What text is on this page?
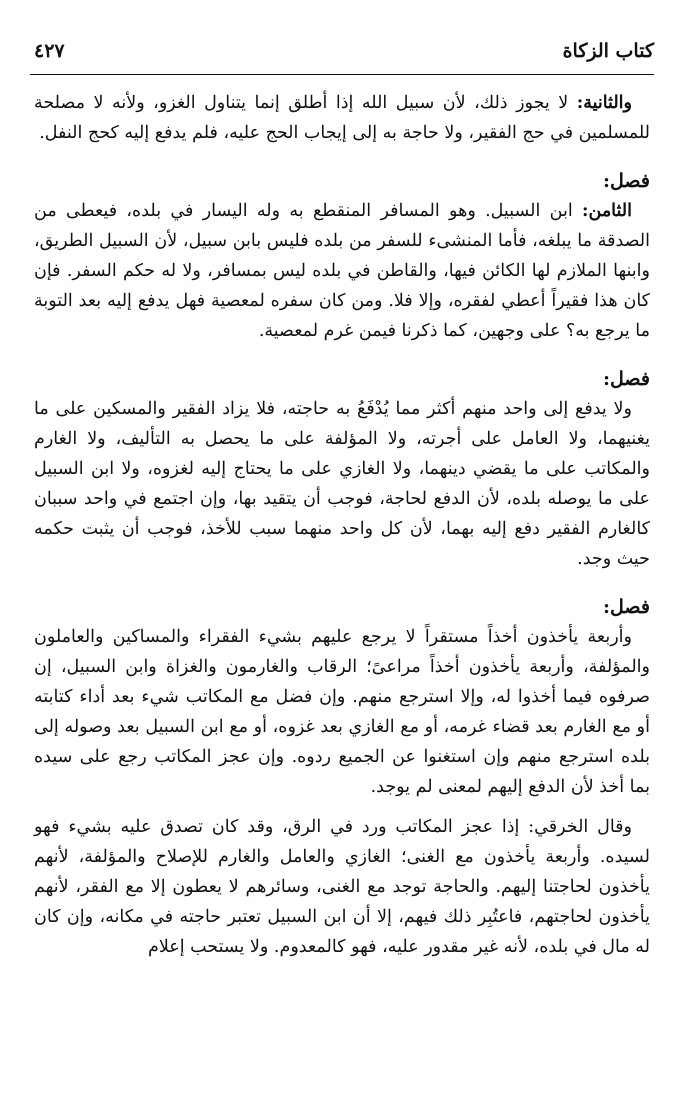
كتاب الزكاة
٤٢٧

والثانية: لا يجوز ذلك، لأن سبيل الله إذا أطلق إنما يتناول الغزو، ولأنه لا مصلحة للمسلمين في حج الفقير، ولا حاجة به إلى إيجاب الحج عليه، فلم يدفع إليه كحج النفل.

فصل:

الثامن: ابن السبيل. وهو المسافر المنقطع به وله اليسار في بلده، فيعطى من الصدقة ما يبلغه، فأما المنشىء للسفر من بلده فليس بابن سبيل، لأن السبيل الطريق، وابنها الملازم لها الكائن فيها، والقاطن في بلده ليس بمسافر، ولا له حكم السفر. فإن كان هذا فقيراً أعطي لفقره، وإلا فلا. ومن كان سفره لمعصية فهل يدفع إليه بعد التوبة ما يرجع به؟ على وجهين، كما ذكرنا فيمن غرم لمعصية.

فصل:

ولا يدفع إلى واحد منهم أكثر مما يُدْفَعُ به حاجته، فلا يزاد الفقير والمسكين على ما يغنيهما، ولا العامل على أجرته، ولا المؤلفة على ما يحصل به التأليف، ولا الغارم والمكاتب على ما يقضي دينهما، ولا الغازي على ما يحتاج إليه لغزوه، ولا ابن السبيل على ما يوصله بلده، لأن الدفع لحاجة، فوجب أن يتقيد بها، وإن اجتمع في واحد سببان كالغارم الفقير دفع إليه بهما، لأن كل واحد منهما سبب للأخذ، فوجب أن يثبت حكمه حيث وجد.

فصل:

وأربعة يأخذون أخذاً مستقراً لا يرجع عليهم بشيء الفقراء والمساكين والعاملون والمؤلفة، وأربعة يأخذون أخذاً مراعىً؛ الرقاب والغارمون والغزاة وابن السبيل، إن صرفوه فيما أخذوا له، وإلا استرجع منهم. وإن فضل مع المكاتب شيء بعد أداء كتابته أو مع الغارم بعد قضاء غرمه، أو مع الغازي بعد غزوه، أو مع ابن السبيل بعد وصوله إلى بلده استرجع منهم وإن استغنوا عن الجميع ردوه. وإن عجز المكاتب رجع على سيده بما أخذ لأن الدفع إليهم لمعنى لم يوجد.

وقال الخرقي: إذا عجز المكاتب ورد في الرق، وقد كان تصدق عليه بشيء فهو لسيده. وأربعة يأخذون مع الغنى؛ الغازي والعامل والغارم للإصلاح والمؤلفة، لأنهم يأخذون لحاجتنا إليهم. والحاجة توجد مع الغنى، وسائرهم لا يعطون إلا مع الفقر، لأنهم يأخذون لحاجتهم، فاعتُبِر ذلك فيهم، إلا أن ابن السبيل تعتبر حاجته في مكانه، وإن كان له مال في بلده، لأنه غير مقدور عليه، فهو كالمعدوم. ولا يستحب إعلام
